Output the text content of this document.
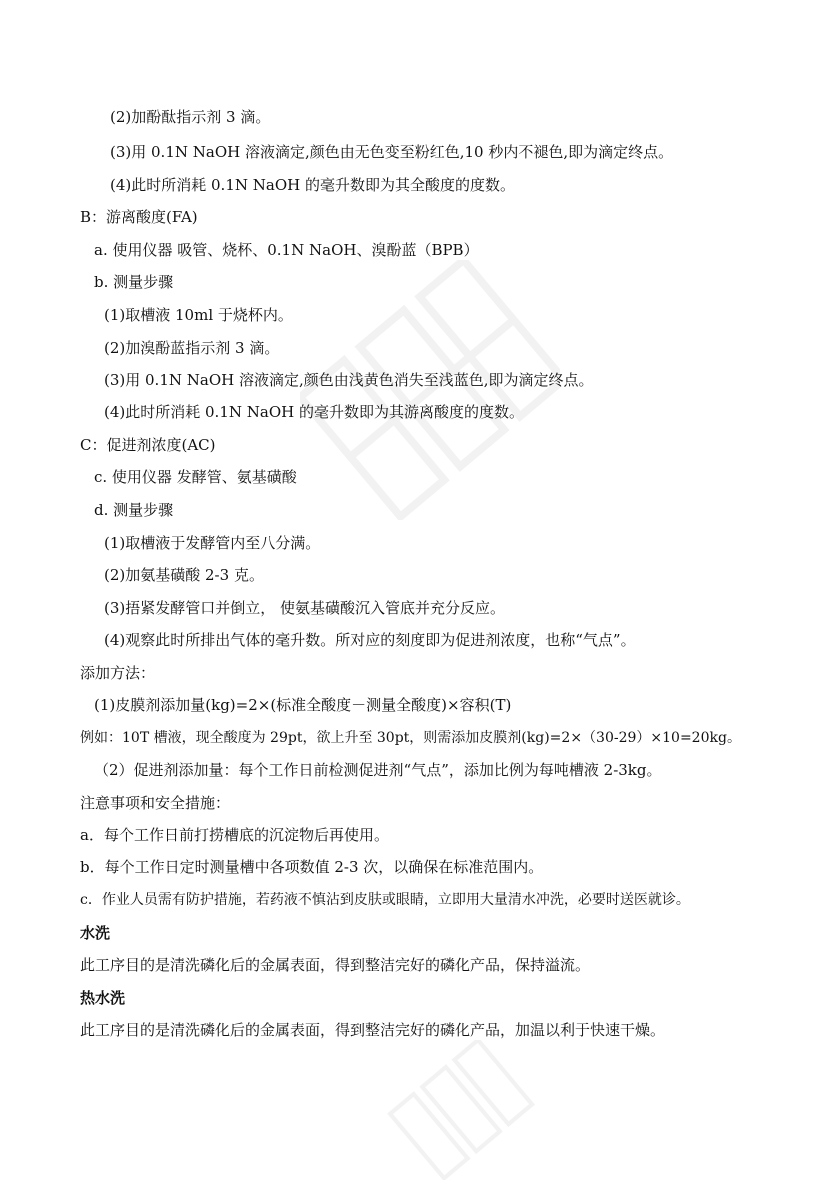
(2)加酚酞指示剂 3 滴。
(3)用 0.1N NaOH 溶液滴定,颜色由无色变至粉红色,10 秒内不褪色,即为滴定终点。
(4)此时所消耗 0.1N NaOH 的毫升数即为其全酸度的度数。
B：游离酸度(FA)
a. 使用仪器 吸管、烧杯、0.1N NaOH、溴酚蓝（BPB）
b. 测量步骤
(1)取槽液 10ml 于烧杯内。
(2)加溴酚蓝指示剂 3 滴。
(3)用 0.1N NaOH 溶液滴定,颜色由浅黄色消失至浅蓝色,即为滴定终点。
(4)此时所消耗 0.1N NaOH 的毫升数即为其游离酸度的度数。
C：促进剂浓度(AC)
c. 使用仪器 发酵管、氨基磺酸
d. 测量步骤
(1)取槽液于发酵管内至八分满。
(2)加氨基磺酸 2-3 克。
(3)捂紧发酵管口并倒立， 使氨基磺酸沉入管底并充分反应。
(4)观察此时所排出气体的毫升数。所对应的刻度即为促进剂浓度，也称“气点”。
添加方法：
(1)皮膜剂添加量(kg)=2×(标准全酸度－测量全酸度)×容积(T)
例如：10T 槽液，现全酸度为 29pt，欲上升至 30pt，则需添加皮膜剂(kg)=2×（30-29）×10=20kg。
（2）促进剂添加量：每个工作日前检测促进剂“气点”，添加比例为每吨槽液 2-3kg。
注意事项和安全措施：
a．每个工作日前打捞槽底的沉淀物后再使用。
b．每个工作日定时测量槽中各项数值 2-3 次，以确保在标准范围内。
c．作业人员需有防护措施，若药液不慎沾到皮肤或眼睛，立即用大量清水冲洗，必要时送医就诊。
水洗
此工序目的是清洗磷化后的金属表面，得到整洁完好的磷化产品，保持溢流。
热水洗
此工序目的是清洗磷化后的金属表面，得到整洁完好的磷化产品，加温以利于快速干燥。
